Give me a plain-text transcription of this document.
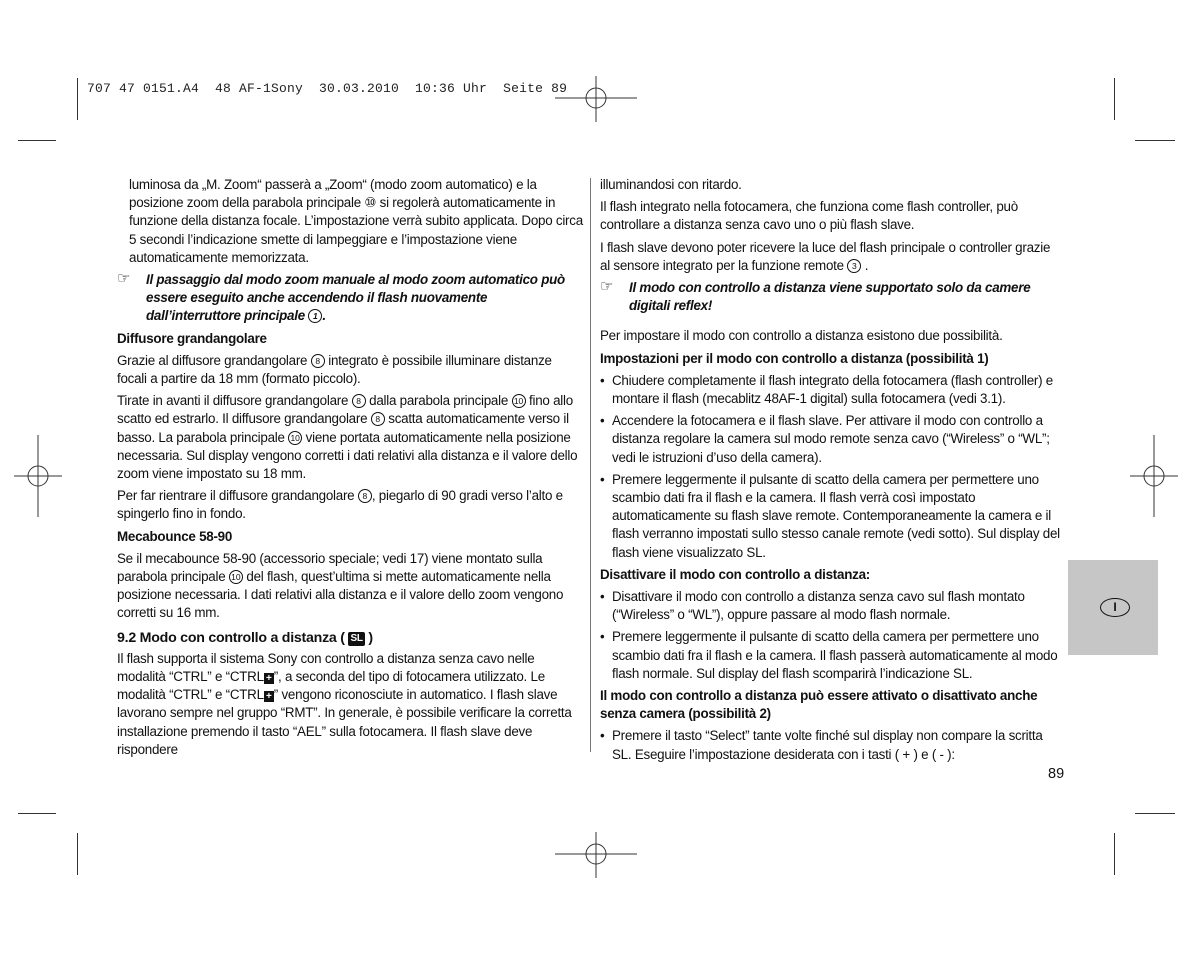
707 47 0151.A4  48 AF-1Sony  30.03.2010  10:36 Uhr  Seite 89

luminosa da „M. Zoom“ passerà a „Zoom“ (modo zoom automatico) e la posizione zoom della parabola principale ⑩ si regolerà automaticamente in funzione della distanza focale. L’impostazione verrà subito applicata. Dopo circa 5 secondi l’indicazione smette di lampeggiare e l’impostazione viene automaticamente memorizzata.

☞ Il passaggio dal modo zoom manuale al modo zoom automatico può essere eseguito anche accendendo il flash nuovamente dall’interruttore principale 1 .
Diffusore grandangolare

Grazie al diffusore grandangolare 8 integrato è possibile illuminare distanze focali a partire da 18 mm (formato piccolo).

Tirate in avanti il diffusore grandangolare 8 dalla parabola principale 10 fino allo scatto ed estrarlo. Il diffusore grandangolare 8 scatta automaticamente verso il basso. La parabola principale 10 viene portata automaticamente nella posizione necessaria. Sul display vengono corretti i dati relativi alla distanza e il valore dello zoom viene impostato su 18 mm.

Per far rientrare il diffusore grandangolare 8 , piegarlo di 90 gradi verso l’alto e spingerlo fino in fondo.

Mecabounce 58-90

Se il mecabounce 58-90 (accessorio speciale; vedi 17) viene montato sulla parabola principale 10 del flash, quest’ultima si mette automaticamente nella posizione necessaria. I dati relativi alla distanza e il valore dello zoom vengono corretti su 16 mm.

9.2 Modo con controllo a distanza ( SL )

Il flash supporta il sistema Sony con controllo a distanza senza cavo nelle modalità “CTRL” e “CTRL + ”, a seconda del tipo di fotocamera utilizzato. Le modalità “CTRL” e “CTRL + ” vengono riconosciute in automatico. I flash slave lavorano sempre nel gruppo “RMT”. In generale, è possibile verificare la corretta installazione premendo il tasto “AEL” sulla fotocamera. Il flash slave deve rispondere

illuminandosi con ritardo.

Il flash integrato nella fotocamera, che funziona come flash controller, può controllare a distanza senza cavo uno o più flash slave.

I flash slave devono poter ricevere la luce del flash principale o controller grazie al sensore integrato per la funzione remote 3 .

☞ Il modo con controllo a distanza viene supportato solo da camere digitali reflex!

Per impostare il modo con controllo a distanza esistono due possibilità.

Impostazioni per il modo con controllo a distanza (possibilità 1)
• Chiudere completamente il flash integrato della fotocamera (flash controller) e montare il flash (mecablitz 48AF-1 digital) sulla fotocamera (vedi 3.1).
• Accendere la fotocamera e il flash slave. Per attivare il modo con controllo a distanza regolare la camera sul modo remote senza cavo (“Wireless” o “WL”; vedi le istruzioni d’uso della camera).
• Premere leggermente il pulsante di scatto della camera per permettere uno scambio dati fra il flash e la camera. Il flash verrà così impostato automaticamente su flash slave remote. Contemporaneamente la camera e il flash verranno impostati sullo stesso canale remote (vedi sotto). Sul display del flash viene visualizzato SL.
Disattivare il modo con controllo a distanza:
• Disattivare il modo con controllo a distanza senza cavo sul flash montato (“Wireless” o “WL”), oppure passare al modo flash normale.
• Premere leggermente il pulsante di scatto della camera per permettere uno scambio dati fra il flash e la camera. Il flash passerà automaticamente al modo flash normale. Sul display del flash scomparirà l’indicazione SL.
Il modo con controllo a distanza può essere attivato o disattivato anche senza camera (possibilità 2)
• Premere il tasto “Select” tante volte finché sul display non compare la scritta SL. Eseguire l’impostazione desiderata con i tasti ( + ) e ( - ):
I
89
